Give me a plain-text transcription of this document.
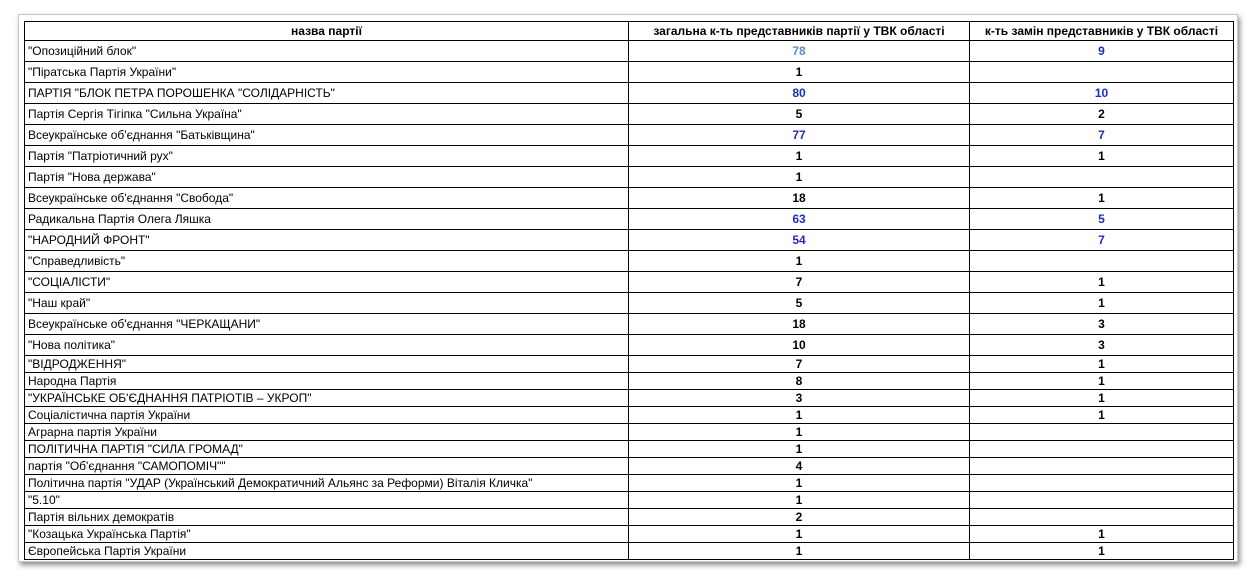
назва партії	загальна к-ть представників партії у ТВК області	к-ть замін представників у ТВК області
"Опозиційний блок"	78	9
"Піратська Партія України"	1	
ПАРТІЯ "БЛОК ПЕТРА ПОРОШЕНКА "СОЛІДАРНІСТЬ"	80	10
Партія Сергія Тігіпка "Сильна Україна"	5	2
Всеукраїнське об'єднання "Батьківщина"	77	7
Партія "Патріотичний рух"	1	1
Партія "Нова держава"	1	
Всеукраїнське об'єднання "Свобода"	18	1
Радикальна Партія Олега Ляшка	63	5
"НАРОДНИЙ ФРОНТ"	54	7
"Справедливість"	1	
"СОЦІАЛІСТИ"	7	1
"Наш край"	5	1
Всеукраїнське об'єднання "ЧЕРКАЩАНИ"	18	3
"Нова політика"	10	3
"ВІДРОДЖЕННЯ"	7	1
Народна Партія	8	1
"УКРАЇНСЬКЕ ОБ'ЄДНАННЯ ПАТРІОТІВ – УКРОП"	3	1
Соціалістична партія України	1	1
Аграрна партія України	1	
ПОЛІТИЧНА ПАРТІЯ "СИЛА ГРОМАД"	1	
партія "Об'єднання "САМОПОМІЧ""	4	
Політична партія "УДАР (Український Демократичний Альянс за Реформи) Віталія Кличка"	1	
"5.10"	1	
Партія вільних демократів	2	
"Козацька Українська Партія"	1	1
Європейська Партія України	1	1
